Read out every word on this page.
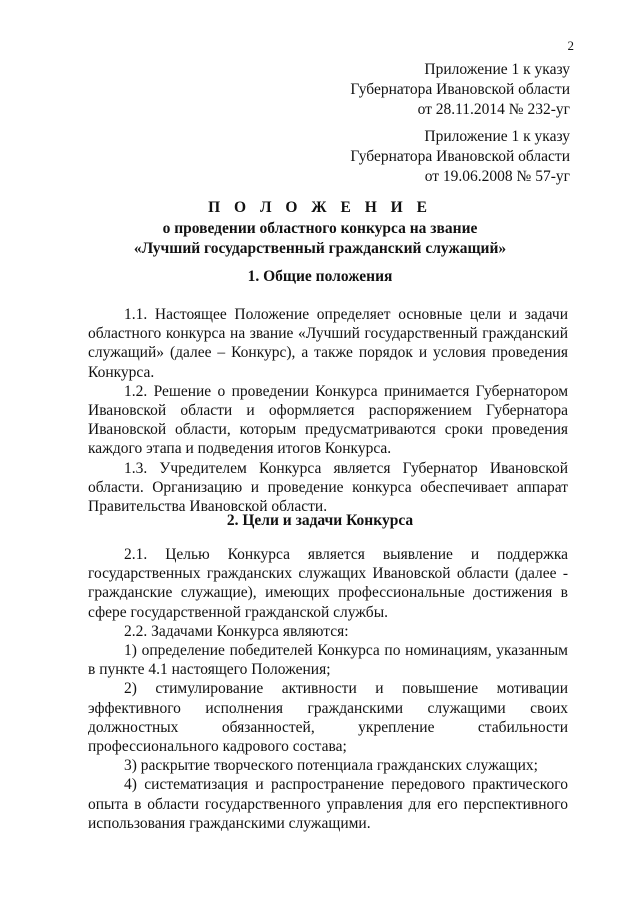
2
Приложение 1 к указу
Губернатора Ивановской области
от 28.11.2014 № 232-уг
Приложение 1 к указу
Губернатора Ивановской области
от 19.06.2008 № 57-уг
П О Л О Ж Е Н И Е
о проведении областного конкурса на звание
«Лучший государственный гражданский служащий»
1. Общие положения

1.1. Настоящее Положение определяет основные цели и задачи областного конкурса на звание «Лучший государственный гражданский служащий» (далее – Конкурс), а также порядок и условия проведения Конкурса.

1.2. Решение о проведении Конкурса принимается Губернатором Ивановской области и оформляется распоряжением Губернатора Ивановской области, которым предусматриваются сроки проведения каждого этапа и подведения итогов Конкурса.

1.3. Учредителем Конкурса является Губернатор Ивановской области. Организацию и проведение конкурса обеспечивает аппарат Правительства Ивановской области.

2. Цели и задачи Конкурса

2.1. Целью Конкурса является выявление и поддержка государственных гражданских служащих Ивановской области (далее - гражданские служащие), имеющих профессиональные достижения в сфере государственной гражданской службы.

2.2. Задачами Конкурса являются:

1) определение победителей Конкурса по номинациям, указанным в пункте 4.1 настоящего Положения;

2) стимулирование активности и повышение мотивации эффективного исполнения гражданскими служащими своих должностных обязанностей, укрепление стабильности профессионального кадрового состава;

3) раскрытие творческого потенциала гражданских служащих;

4) систематизация и распространение передового практического опыта в области государственного управления для его перспективного использования гражданскими служащими.
